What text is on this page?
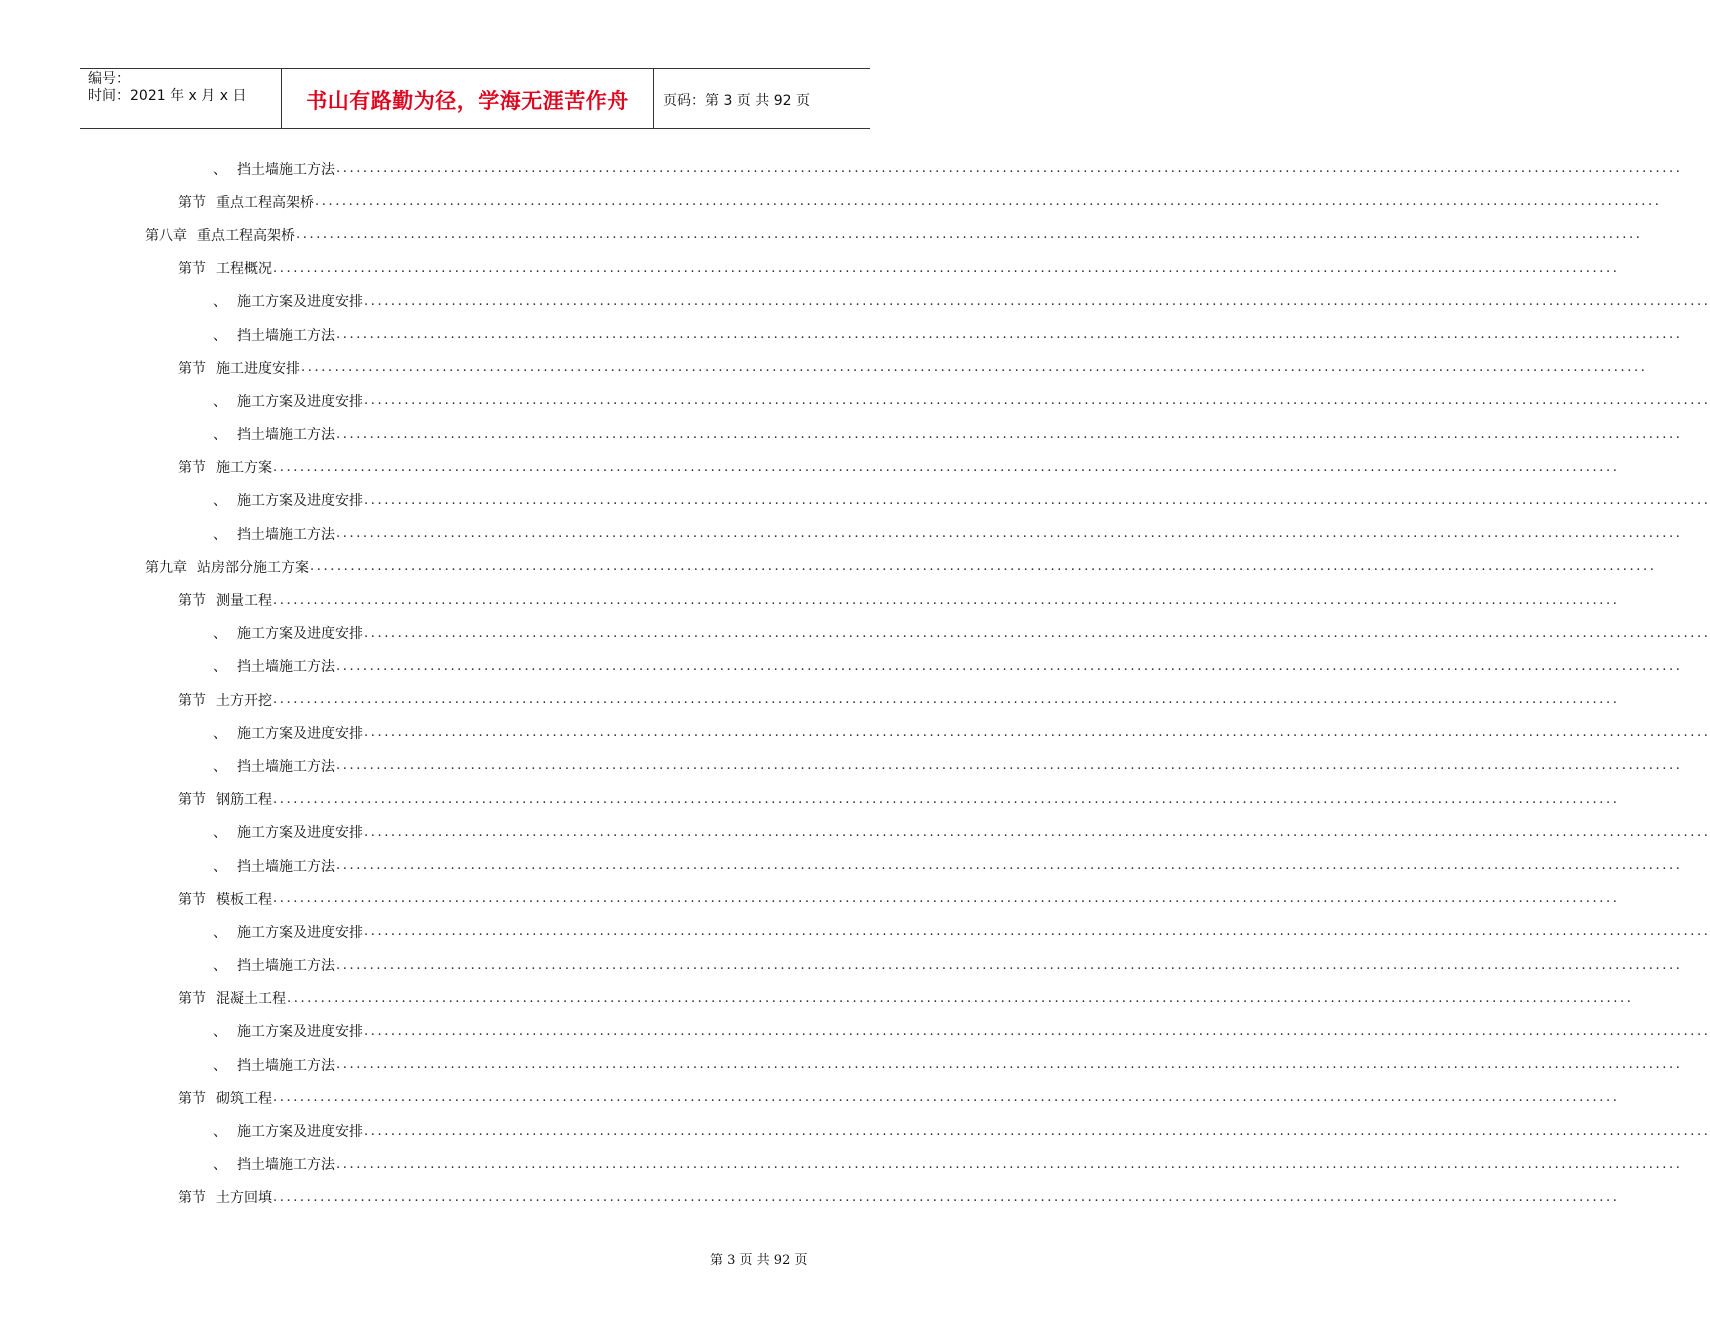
编号：
时间：2021 年 x 月 x 日	书山有路勤为径，学海无涯苦作舟	页码：第 3 页 共 92 页
、 挡土墙施工方法 ........................................................................................................................................................................................................
第节 重点工程高架桥 ........................................................................................................................................................................................................
第八章 重点工程高架桥 ........................................................................................................................................................................................................
第节 工程概况 ........................................................................................................................................................................................................
、 施工方案及进度安排 ........................................................................................................................................................................................................
、 挡土墙施工方法 ........................................................................................................................................................................................................
第节 施工进度安排 ........................................................................................................................................................................................................
、 施工方案及进度安排 ........................................................................................................................................................................................................
、 挡土墙施工方法 ........................................................................................................................................................................................................
第节 施工方案 ........................................................................................................................................................................................................
、 施工方案及进度安排 ........................................................................................................................................................................................................
、 挡土墙施工方法 ........................................................................................................................................................................................................
第九章 站房部分施工方案 ........................................................................................................................................................................................................
第节 测量工程 ........................................................................................................................................................................................................
、 施工方案及进度安排 ........................................................................................................................................................................................................
、 挡土墙施工方法 ........................................................................................................................................................................................................
第节 土方开挖 ........................................................................................................................................................................................................
、 施工方案及进度安排 ........................................................................................................................................................................................................
、 挡土墙施工方法 ........................................................................................................................................................................................................
第节 钢筋工程 ........................................................................................................................................................................................................
、 施工方案及进度安排 ........................................................................................................................................................................................................
、 挡土墙施工方法 ........................................................................................................................................................................................................
第节 模板工程 ........................................................................................................................................................................................................
、 施工方案及进度安排 ........................................................................................................................................................................................................
、 挡土墙施工方法 ........................................................................................................................................................................................................
第节 混凝土工程 ........................................................................................................................................................................................................
、 施工方案及进度安排 ........................................................................................................................................................................................................
、 挡土墙施工方法 ........................................................................................................................................................................................................
第节 砌筑工程 ........................................................................................................................................................................................................
、 施工方案及进度安排 ........................................................................................................................................................................................................
、 挡土墙施工方法 ........................................................................................................................................................................................................
第节 土方回填 ........................................................................................................................................................................................................
第 3 页 共 92 页
